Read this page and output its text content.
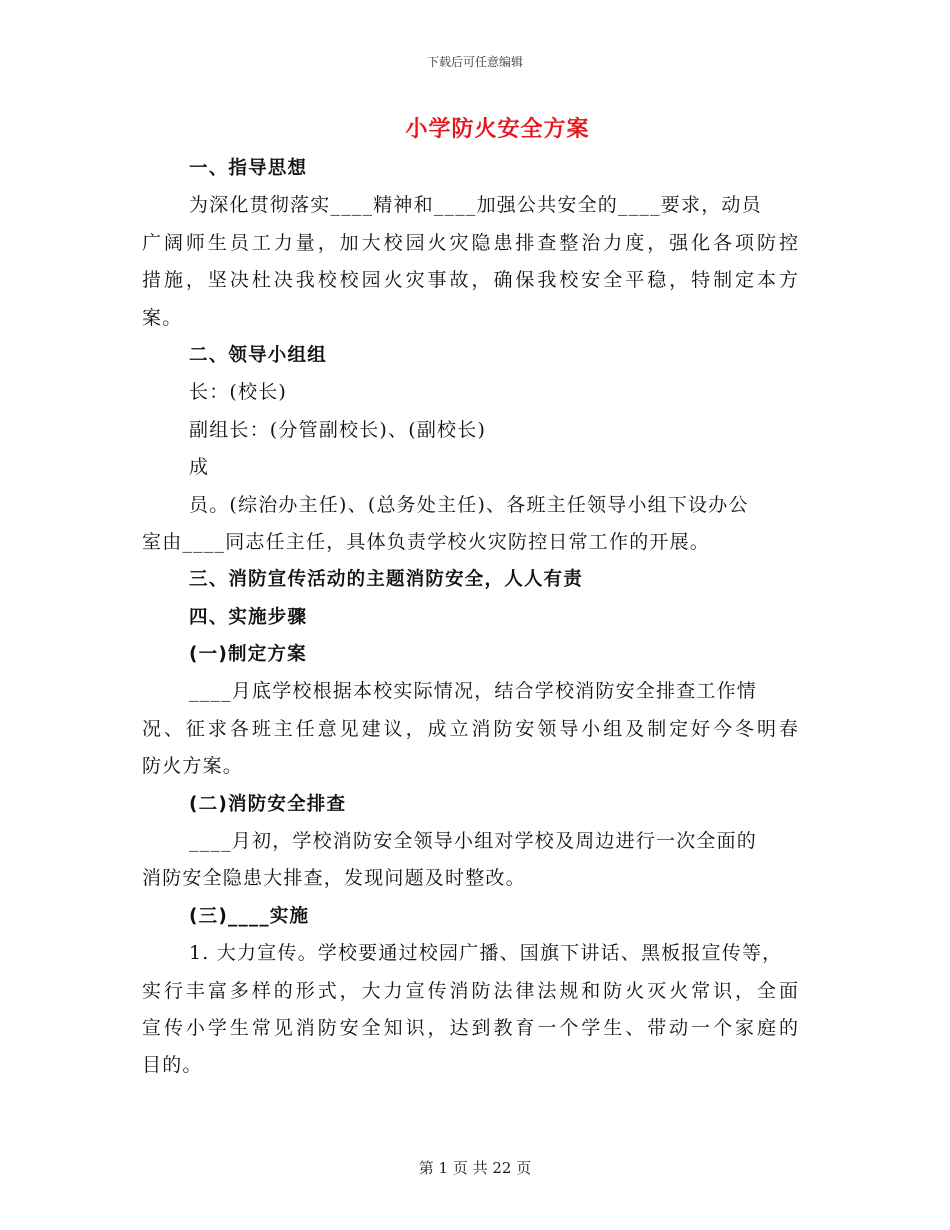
下载后可任意编辑
小学防火安全方案
一、指导思想
为深化贯彻落实____精神和____加强公共安全的____要求，动员
广阔师生员工力量，加大校园火灾隐患排查整治力度，强化各项防控
措施，坚决杜决我校校园火灾事故，确保我校安全平稳，特制定本方
案。
二、领导小组组
长：(校长)
副组长：(分管副校长)、(副校长)
成
员。(综治办主任)、(总务处主任)、各班主任领导小组下设办公
室由____同志任主任，具体负责学校火灾防控日常工作的开展。
三、消防宣传活动的主题消防安全，人人有责
四、实施步骤
(一)制定方案
____月底学校根据本校实际情况，结合学校消防安全排查工作情
况、征求各班主任意见建议，成立消防安领导小组及制定好今冬明春
防火方案。
(二)消防安全排查
____月初，学校消防安全领导小组对学校及周边进行一次全面的
消防安全隐患大排查，发现问题及时整改。
(三)____实施
1. 大力宣传。学校要通过校园广播、国旗下讲话、黑板报宣传等，
实行丰富多样的形式，大力宣传消防法律法规和防火灭火常识，全面
宣传小学生常见消防安全知识，达到教育一个学生、带动一个家庭的
目的。
第 1 页 共 22 页
